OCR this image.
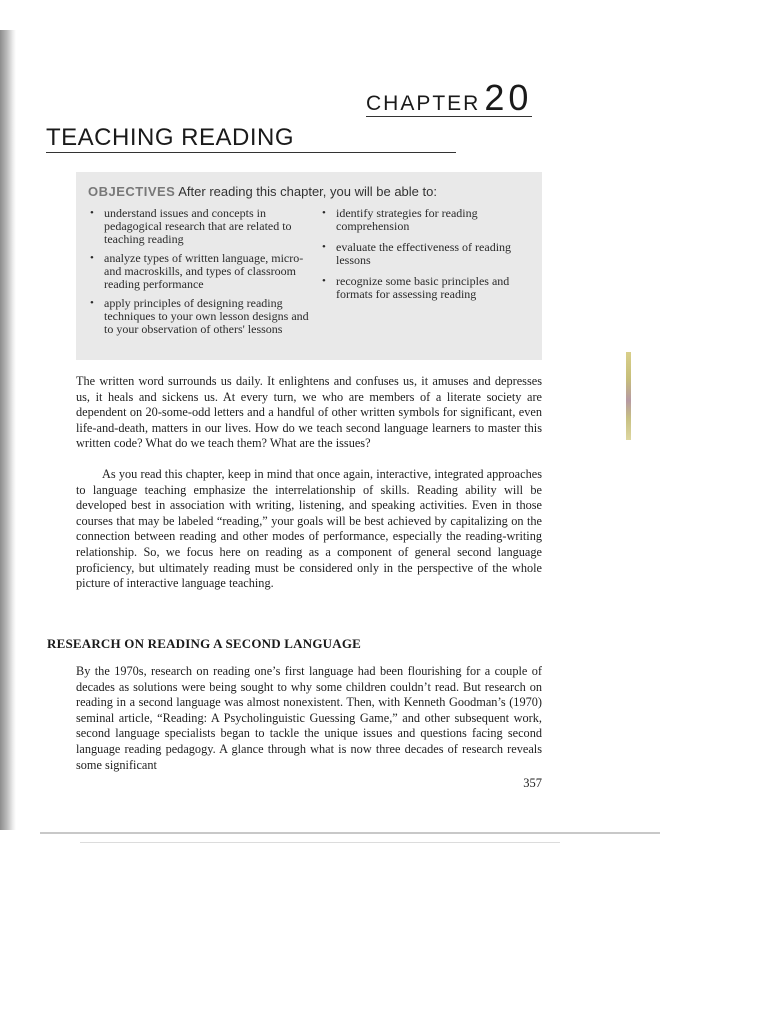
CHAPTER 20
TEACHING READING

OBJECTIVES After reading this chapter, you will be able to:

• understand issues and concepts in pedagogical research that are related to teaching reading
• analyze types of written language, micro- and macroskills, and types of classroom reading performance
• apply principles of designing reading techniques to your own lesson designs and to your observation of others' lessons
• identify strategies for reading comprehension
• evaluate the effectiveness of reading lessons
• recognize some basic principles and formats for assessing reading

The written word surrounds us daily. It enlightens and confuses us, it amuses and depresses us, it heals and sickens us. At every turn, we who are members of a literate society are dependent on 20-some-odd letters and a handful of other written symbols for significant, even life-and-death, matters in our lives. How do we teach second language learners to master this written code? What do we teach them? What are the issues?

As you read this chapter, keep in mind that once again, interactive, integrated approaches to language teaching emphasize the interrelationship of skills. Reading ability will be developed best in association with writing, listening, and speaking activities. Even in those courses that may be labeled “reading,” your goals will be best achieved by capitalizing on the connection between reading and other modes of performance, especially the reading-writing relationship. So, we focus here on reading as a component of general second language proficiency, but ultimately reading must be considered only in the perspective of the whole picture of interactive language teaching.

RESEARCH ON READING A SECOND LANGUAGE

By the 1970s, research on reading one’s first language had been flourishing for a couple of decades as solutions were being sought to why some children couldn’t read. But research on reading in a second language was almost nonexistent. Then, with Kenneth Goodman’s (1970) seminal article, “Reading: A Psycholinguistic Guessing Game,” and other subsequent work, second language specialists began to tackle the unique issues and questions facing second language reading pedagogy. A glance through what is now three decades of research reveals some significant

357
